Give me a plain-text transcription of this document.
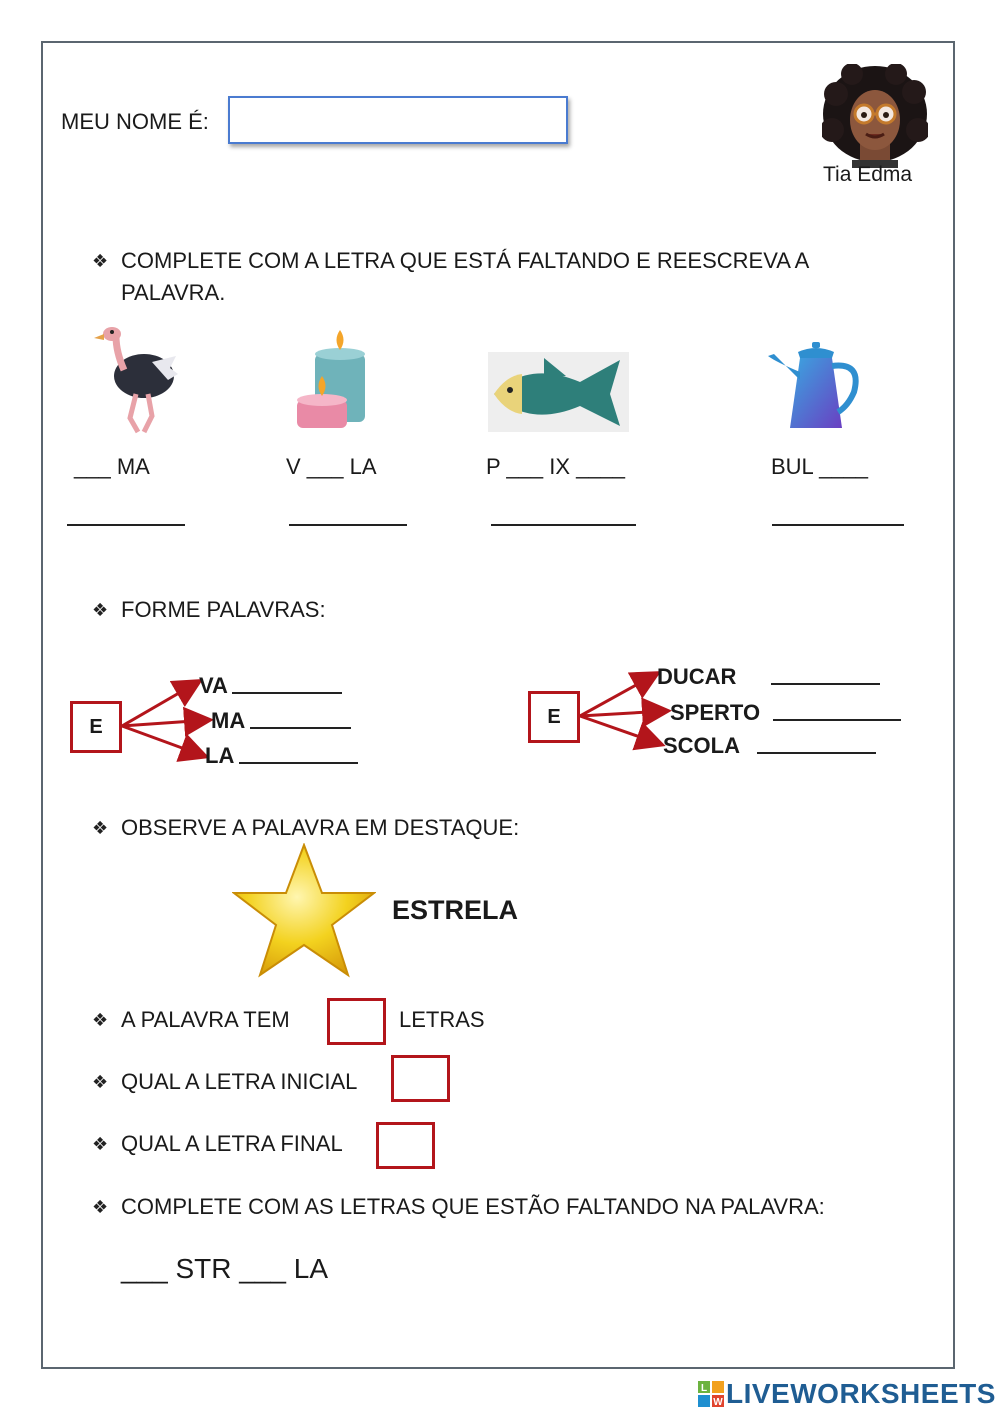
MEU NOME É:
Tia Edma
❖ COMPLETE COM A LETRA QUE ESTÁ FALTANDO E REESCREVA A
PALAVRA.
___ MA	V ___ LA	P ___ IX ____	BUL ____
❖ FORME PALAVRAS:
E
VA
MA
LA
E
DUCAR
SPERTO
SCOLA
❖ OBSERVE A PALAVRA EM DESTAQUE:
ESTRELA
❖ A PALAVRA TEM	LETRAS
❖ QUAL A LETRA INICIAL
❖ QUAL A LETRA FINAL
❖ COMPLETE COM AS LETRAS QUE ESTÃO FALTANDO NA PALAVRA:
___ STR ___ LA
L
W LIVEWORKSHEETS
